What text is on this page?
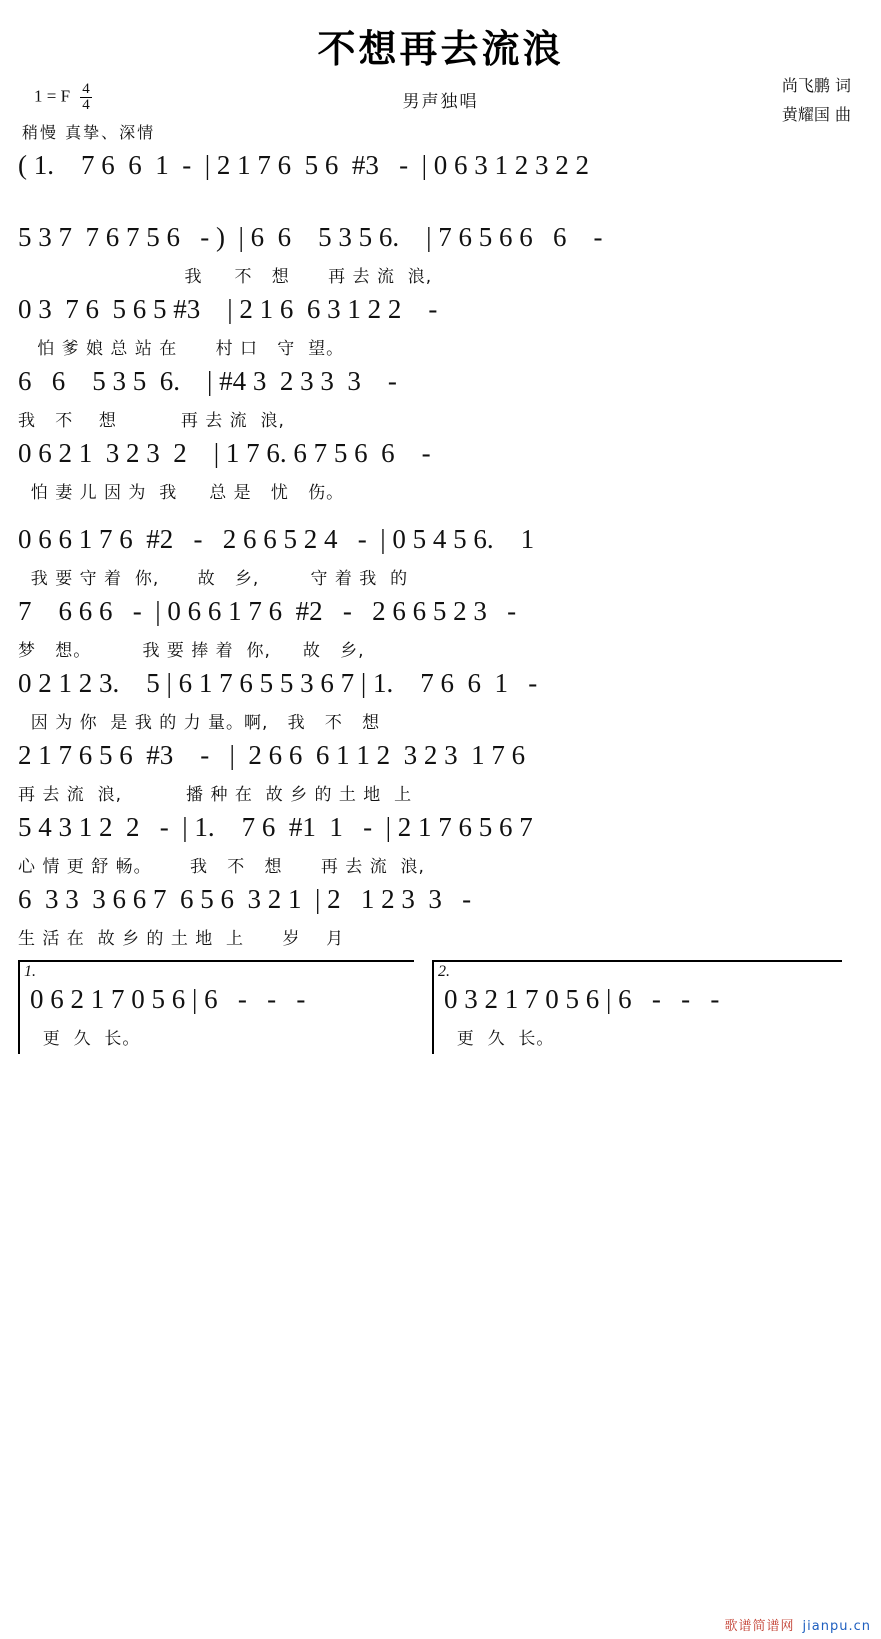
不想再去流浪
男声独唱
1 = F $\frac{4}{4}$
稍慢 真挚、深情
尚飞鹏 词
黄耀国 曲
( 1.    7 6  6  1  -  | 2 1 7 6  5 6  #3   -  | 0 6 3 1 2 3 2 2
5 3 7  7 6 7 5 6   - )  | 6  6    5 3 5 6.    | 7 6 5 6 6   6    -
我     不   想      再 去 流  浪,
0 3  7 6  5 6 5 #3    | 2 1 6  6 3 1 2 2    -
怕 爹 娘 总 站 在      村 口   守  望。
6   6    5 3 5  6.    | #4 3  2 3 3  3    -
我   不    想          再 去 流  浪,
0 6 2 1  3 2 3  2    | 1 7 6. 6 7 5 6  6    -
怕 妻 儿 因 为  我     总 是   忧   伤。
0 6 6 1 7 6  #2   -   2 6 6 5 2 4   -  | 0 5 4 5 6.    1
我 要 守 着  你,      故   乡,        守 着 我  的
7    6 6 6   -  | 0 6 6 1 7 6  #2   -   2 6 6 5 2 3   -
梦   想。        我 要 捧 着  你,     故   乡,
0 2 1 2 3.    5 | 6 1 7 6 5 5 3 6 7 | 1.    7 6  6  1   -
因 为 你  是 我 的 力 量。啊,   我   不   想
2 1 7 6 5 6  #3    -   |  2 6 6  6 1 1 2  3 2 3  1 7 6
再 去 流  浪,          播 种 在  故 乡 的 土 地  上
5 4 3 1 2  2   -  | 1.    7 6  #1  1   -  | 2 1 7 6 5 6 7
心 情 更 舒 畅。      我   不   想      再 去 流  浪,
6  3 3  3 6 6 7  6 5 6  3 2 1  | 2   1 2 3  3   -
生 活 在  故 乡 的 土 地  上      岁    月
1.
0 6 2 1 7 0 5 6 | 6   -   -   -
更  久  长。

2.
0 3 2 1 7 0 5 6 | 6   -   -   -
更  久  长。
歌谱简谱网 jianpu.cn
